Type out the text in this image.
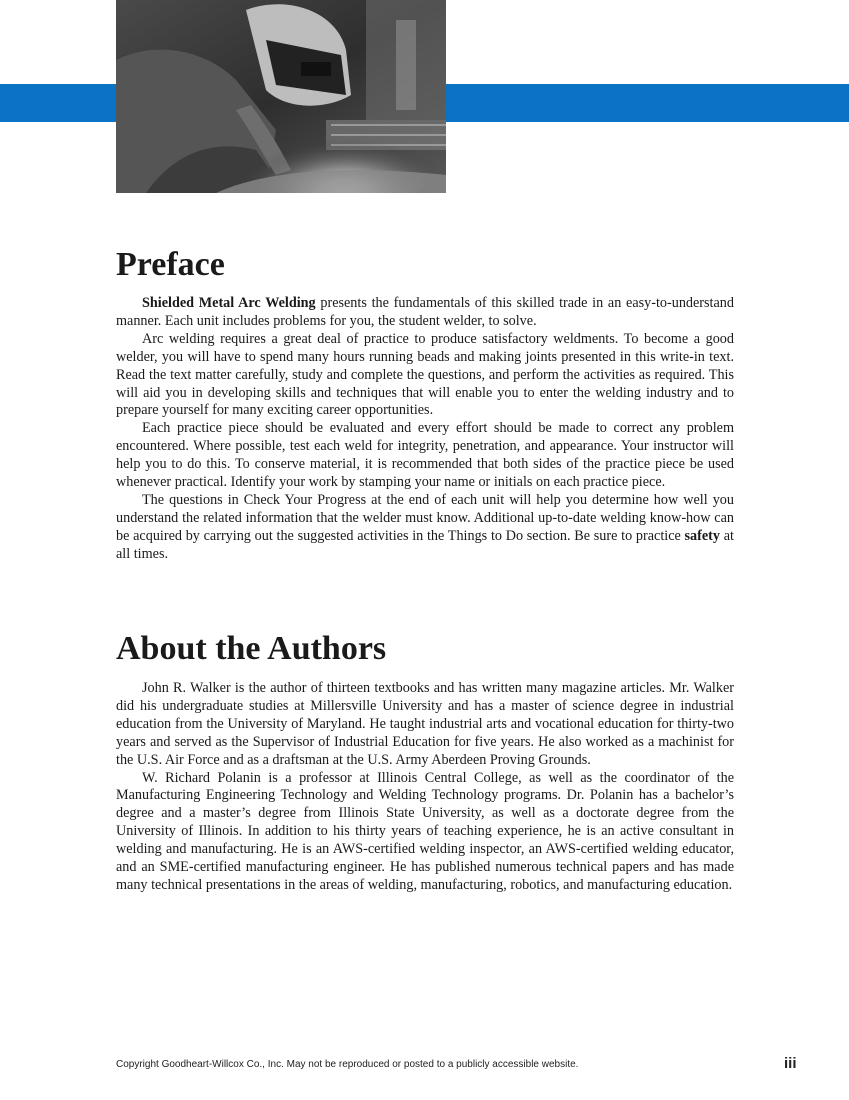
Preface

Shielded Metal Arc Welding presents the fundamentals of this skilled trade in an easy-to-understand manner. Each unit includes problems for you, the student welder, to solve.

Arc welding requires a great deal of practice to produce satisfactory weldments. To become a good welder, you will have to spend many hours running beads and making joints presented in this write-in text. Read the text matter carefully, study and complete the questions, and perform the activities as required. This will aid you in developing skills and techniques that will enable you to enter the welding industry and to prepare yourself for many exciting career opportunities.

Each practice piece should be evaluated and every effort should be made to correct any problem encountered. Where possible, test each weld for integrity, penetration, and appearance. Your instructor will help you to do this. To conserve material, it is recommended that both sides of the practice piece be used whenever practical. Identify your work by stamping your name or initials on each practice piece.

The questions in Check Your Progress at the end of each unit will help you determine how well you understand the related information that the welder must know. Additional up-to-date welding know-how can be acquired by carrying out the suggested activities in the Things to Do section. Be sure to practice safety at all times.

About the Authors

John R. Walker is the author of thirteen textbooks and has written many magazine articles. Mr. Walker did his undergraduate studies at Millersville University and has a master of science degree in industrial education from the University of Maryland. He taught industrial arts and vocational education for thirty-two years and served as the Supervisor of Industrial Education for five years. He also worked as a machinist for the U.S. Air Force and as a draftsman at the U.S. Army Aberdeen Proving Grounds.

W. Richard Polanin is a professor at Illinois Central College, as well as the coordinator of the Manufacturing Engineering Technology and Welding Technology programs. Dr. Polanin has a bachelor’s degree and a master’s degree from Illinois State University, as well as a doctorate degree from the University of Illinois. In addition to his thirty years of teaching experience, he is an active consultant in welding and manufacturing. He is an AWS-certified welding inspector, an AWS-certified welding educator, and an SME-certified manufacturing engineer. He has published numerous technical papers and has made many technical presentations in the areas of welding, manufacturing, robotics, and manufacturing education.

Copyright Goodheart-Willcox Co., Inc. May not be reproduced or posted to a publicly accessible website.	iii
